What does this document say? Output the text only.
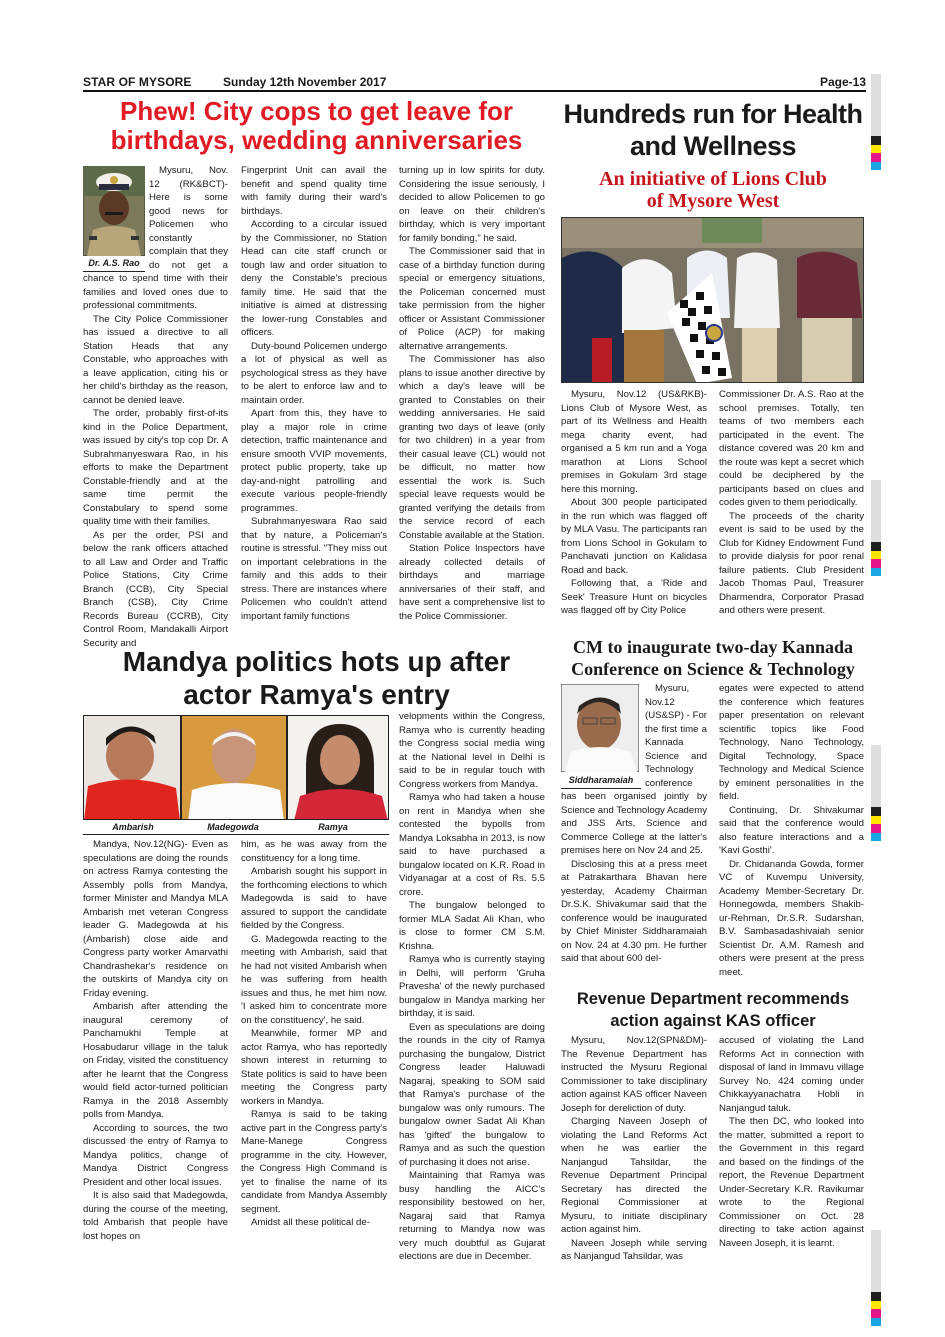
STAR OF MYSORE	Sunday 12th November 2017	Page-13
Phew! City cops to get leave for
birthdays, wedding anniversaries
Dr. A.S. Rao

Mysuru, Nov. 12 (RK&BCT)- Here is some good news for Policemen who constantly complain that they do not get a chance to spend time with their families and loved ones due to professional commitments.

The City Police Commissioner has issued a directive to all Station Heads that any Constable, who approaches with a leave application, citing his or her child's birthday as the reason, cannot be denied leave.

The order, probably first-of-its kind in the Police Department, was issued by city's top cop Dr. A Subrahmanyeswara Rao, in his efforts to make the Department Constable-friendly and at the same time permit the Constabulary to spend some quality time with their families.

As per the order, PSI and below the rank officers attached to all Law and Order and Traffic Police Stations, City Crime Branch (CCB), City Special Branch (CSB), City Crime Records Bureau (CCRB), City Control Room, Mandakalli Airport Security and

Fingerprint Unit can avail the benefit and spend quality time with family during their ward's birthdays.

According to a circular issued by the Commissioner, no Station Head can cite staff crunch or tough law and order situation to deny the Constable's precious family time. He said that the initiative is aimed at distressing the lower-rung Constables and officers.

Duty-bound Policemen undergo a lot of physical as well as psychological stress as they have to be alert to enforce law and to maintain order.

Apart from this, they have to play a major role in crime detection, traffic maintenance and ensure smooth VVIP movements, protect public property, take up day-and-night patrolling and execute various people-friendly programmes.

Subrahmanyeswara Rao said that by nature, a Policeman's routine is stressful. "They miss out on important celebrations in the family and this adds to their stress. There are instances where Policemen who couldn't attend important family functions

turning up in low spirits for duty. Considering the issue seriously, I decided to allow Policemen to go on leave on their children's birthday, which is very important for family bonding," he said.

The Commissioner said that in case of a birthday function during special or emergency situations, the Policeman concerned must take permission from the higher officer or Assistant Commissioner of Police (ACP) for making alternative arrangements.

The Commissioner has also plans to issue another directive by which a day's leave will be granted to Constables on their wedding anniversaries. He said granting two days of leave (only for two children) in a year from their casual leave (CL) would not be difficult, no matter how essential the work is. Such special leave requests would be granted verifying the details from the service record of each Constable available at the Station.

Station Police Inspectors have already collected details of birthdays and marriage anniversaries of their staff, and have sent a comprehensive list to the Police Commissioner.

Hundreds run for Health
and Wellness
An initiative of Lions Club
of Mysore West

Mysuru, Nov.12 (US&RKB)- Lions Club of Mysore West, as part of its Wellness and Health mega charity event, had organised a 5 km run and a Yoga marathon at Lions School premises in Gokulam 3rd stage here this morning.

About 300 people participated in the run which was flagged off by MLA Vasu. The participants ran from Lions School in Gokulam to Panchavati junction on Kalidasa Road and back.

Following that, a 'Ride and Seek' Treasure Hunt on bicycles was flagged off by City Police

Commissioner Dr. A.S. Rao at the school premises. Totally, ten teams of two members each participated in the event. The distance covered was 20 km and the route was kept a secret which could be deciphered by the participants based on clues and codes given to them periodically.

The proceeds of the charity event is said to be used by the Club for Kidney Endowment Fund to provide dialysis for poor renal failure patients. Club President Jacob Thomas Paul, Treasurer Dharmendra, Corporator Prasad and others were present.

Mandya politics hots up after
actor Ramya's entry
Ambarish	Madegowda	Ramya

Mandya, Nov.12(NG)- Even as speculations are doing the rounds on actress Ramya contesting the Assembly polls from Mandya, former Minister and Mandya MLA Ambarish met veteran Congress leader G. Madegowda at his (Ambarish) close aide and Congress party worker Amarvathi Chandrashekar's residence on the outskirts of Mandya city on Friday evening.

Ambarish after attending the inaugural ceremony of Panchamukhi Temple at Hosabudarur village in the taluk on Friday, visited the constituency after he learnt that the Congress would field actor-turned politician Ramya in the 2018 Assembly polls from Mandya.

According to sources, the two discussed the entry of Ramya to Mandya politics, change of Mandya District Congress President and other local issues.

It is also said that Madegowda, during the course of the meeting, told Ambarish that people have lost hopes on

him, as he was away from the constituency for a long time.

Ambarish sought his support in the forthcoming elections to which Madegowda is said to have assured to support the candidate fielded by the Congress.

G. Madegowda reacting to the meeting with Ambarish, said that he had not visited Ambarish when he was suffering from health issues and thus, he met him now. 'I asked him to concentrate more on the constituency', he said.

Meanwhile, former MP and actor Ramya, who has reportedly shown interest in returning to State politics is said to have been meeting the Congress party workers in Mandya.

Ramya is said to be taking active part in the Congress party's Mane-Manege Congress programme in the city. However, the Congress High Command is yet to finalise the name of its candidate from Mandya Assembly segment.

Amidst all these political de-

velopments within the Congress, Ramya who is currently heading the Congress social media wing at the National level in Delhi is said to be in regular touch with Congress workers from Mandya.

Ramya who had taken a house on rent in Mandya when she contested the bypolls from Mandya Loksabha in 2013, is now said to have purchased a bungalow located on K.R. Road in Vidyanagar at a cost of Rs. 5.5 crore.

The bungalow belonged to former MLA Sadat Ali Khan, who is close to former CM S.M. Krishna.

Ramya who is currently staying in Delhi, will perform 'Gruha Pravesha' of the newly purchased bungalow in Mandya marking her birthday, it is said.

Even as speculations are doing the rounds in the city of Ramya purchasing the bungalow, District Congress leader Haluwadi Nagaraj, speaking to SOM said that Ramya's purchase of the bungalow was only rumours. The bungalow owner Sadat Ali Khan has 'gifted' the bungalow to Ramya and as such the question of purchasing it does not arise.

Maintaining that Ramya was busy handling the AICC's responsibility bestowed on her, Nagaraj said that Ramya returning to Mandya now was very much doubtful as Gujarat elections are due in December.

CM to inaugurate two-day Kannada
Conference on Science & Technology
Siddharamaiah

Mysuru, Nov.12 (US&SP) - For the first time a Kannada Science and Technology conference has been organised jointly by Science and Technology Academy and JSS Arts, Science and Commerce College at the latter's premises here on Nov 24 and 25.

Disclosing this at a press meet at Patrakarthara Bhavan here yesterday, Academy Chairman Dr.S.K. Shivakumar said that the conference would be inaugurated by Chief Minister Siddharamaiah on Nov. 24 at 4.30 pm. He further said that about 600 del-

egates were expected to attend the conference which features paper presentation on relevant scientific topics like Food Technology, Nano Technology, Digital Technology, Space Technology and Medical Science by eminent personalities in the field.

Continuing, Dr. Shivakumar said that the conference would also feature interactions and a 'Kavi Gosthi'.

Dr. Chidananda Gowda, former VC of Kuvempu University, Academy Member-Secretary Dr. Honnegowda, members Shakib-ur-Rehman, Dr.S.R. Sudarshan, B.V. Sambasadashivaiah senior Scientist Dr. A.M. Ramesh and others were present at the press meet.

Revenue Department recommends
action against KAS officer

Mysuru, Nov.12(SPN&DM)- The Revenue Department has instructed the Mysuru Regional Commissioner to take disciplinary action against KAS officer Naveen Joseph for dereliction of duty.

Charging Naveen Joseph of violating the Land Reforms Act when he was earlier the Nanjangud Tahsildar, the Revenue Department Principal Secretary has directed the Regional Commissioner at Mysuru, to initiate disciplinary action against him.

Naveen Joseph while serving as Nanjangud Tahsildar, was

accused of violating the Land Reforms Act in connection with disposal of land in Immavu village Survey No. 424 coming under Chikkayyanachatra Hobli in Nanjangud taluk.

The then DC, who looked into the matter, submitted a report to the Government in this regard and based on the findings of the report, the Revenue Department Under-Secretary K.R. Ravikumar wrote to the Regional Commissioner on Oct. 28 directing to take action against Naveen Joseph, it is learnt.
